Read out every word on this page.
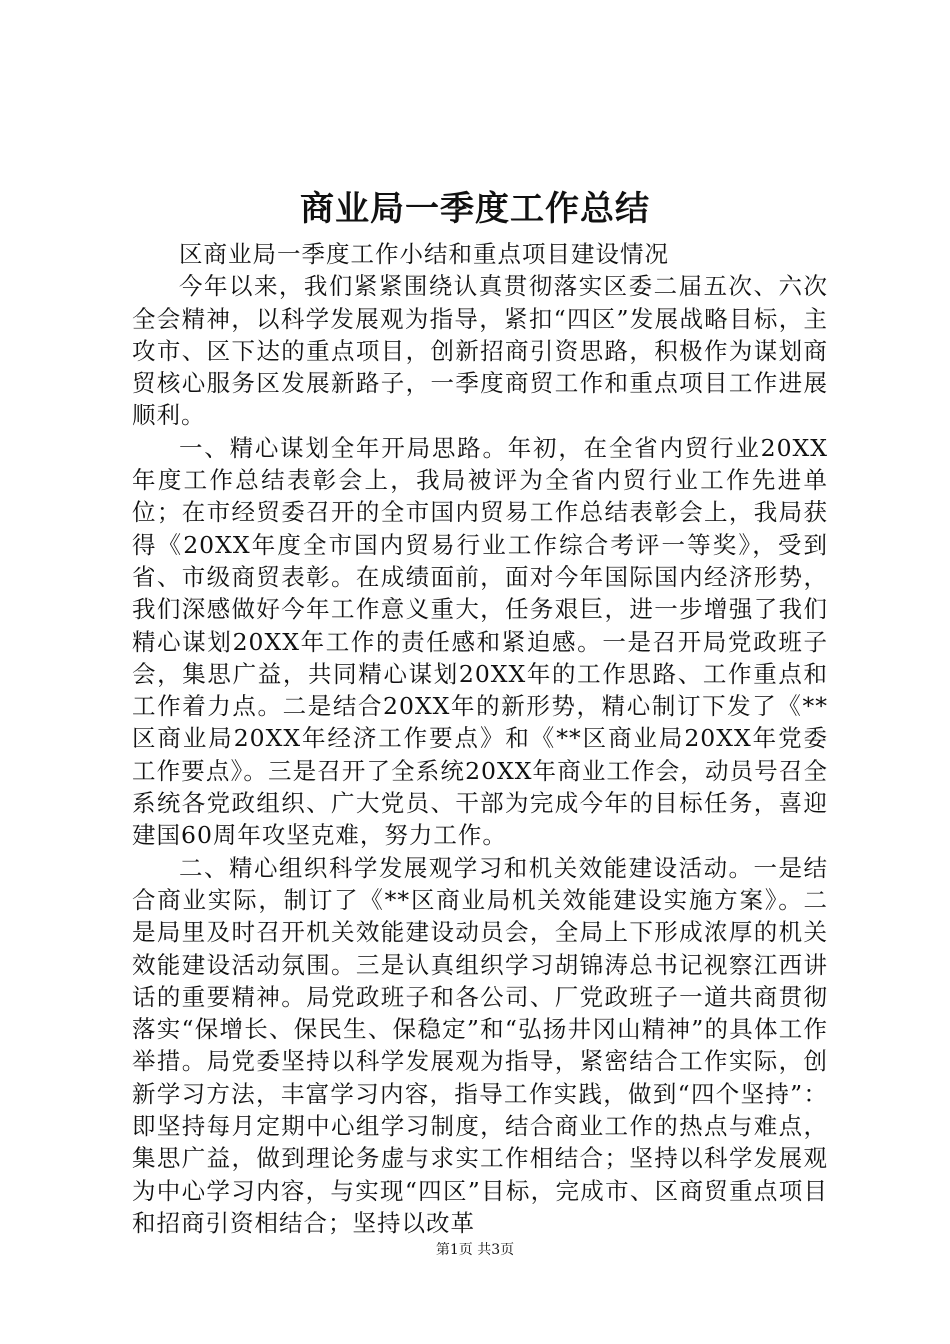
商业局一季度工作总结

区商业局一季度工作小结和重点项目建设情况

今年以来，我们紧紧围绕认真贯彻落实区委二届五次、六次全会精神，以科学发展观为指导，紧扣“四区”发展战略目标，主攻市、区下达的重点项目，创新招商引资思路，积极作为谋划商贸核心服务区发展新路子，一季度商贸工作和重点项目工作进展顺利。

一、精心谋划全年开局思路。年初，在全省内贸行业20XX年度工作总结表彰会上，我局被评为全省内贸行业工作先进单位；在市经贸委召开的全市国内贸易工作总结表彰会上，我局获得《20XX年度全市国内贸易行业工作综合考评一等奖》，受到省、市级商贸表彰。在成绩面前，面对今年国际国内经济形势，我们深感做好今年工作意义重大，任务艰巨，进一步增强了我们精心谋划20XX年工作的责任感和紧迫感。一是召开局党政班子会，集思广益，共同精心谋划20XX年的工作思路、工作重点和工作着力点。二是结合20XX年的新形势，精心制订下发了《**区商业局20XX年经济工作要点》和《**区商业局20XX年党委工作要点》。三是召开了全系统20XX年商业工作会，动员号召全系统各党政组织、广大党员、干部为完成今年的目标任务，喜迎建国60周年攻坚克难，努力工作。

二、精心组织科学发展观学习和机关效能建设活动。一是结合商业实际，制订了《**区商业局机关效能建设实施方案》。二是局里及时召开机关效能建设动员会，全局上下形成浓厚的机关效能建设活动氛围。三是认真组织学习胡锦涛总书记视察江西讲话的重要精神。局党政班子和各公司、厂党政班子一道共商贯彻落实“保增长、保民生、保稳定”和“弘扬井冈山精神”的具体工作举措。局党委坚持以科学发展观为指导，紧密结合工作实际，创新学习方法，丰富学习内容，指导工作实践，做到“四个坚持”：即坚持每月定期中心组学习制度，结合商业工作的热点与难点，集思广益，做到理论务虚与求实工作相结合；坚持以科学发展观为中心学习内容，与实现“四区”目标，完成市、区商贸重点项目和招商引资相结合；坚持以改革

第1页 共3页
